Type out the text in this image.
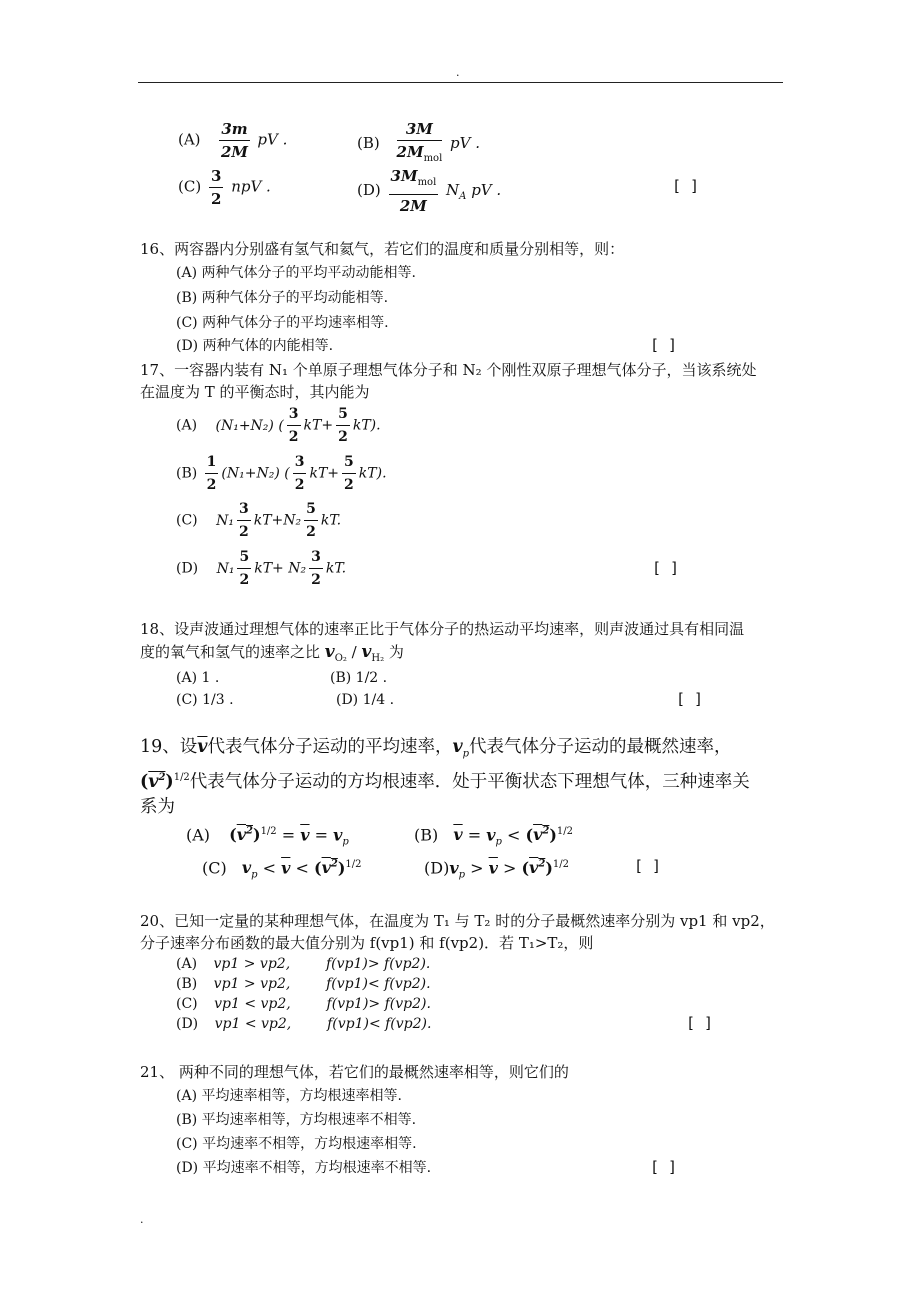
.
$(A) \frac{3m}{2M}$ pV .	$(B) \frac{3M}{2M_{mol}}$ pV .
$(C) \frac{3}{2}$ npV .	$(D) \frac{3M_{mol}}{2M} N_A$ pV .	[ ]
16、两容器内分别盛有氢气和氦气，若它们的温度和质量分别相等，则：
(A) 两种气体分子的平均平动动能相等.
(B) 两种气体分子的平均动能相等.
(C) 两种气体分子的平均速率相等.
(D) 两种气体的内能相等.	[ ]
17、一容器内装有 N₁ 个单原子理想气体分子和 N₂ 个刚性双原子理想气体分子，当该系统处
在温度为 T 的平衡态时，其内能为
(A) (N₁+N₂) ( $\frac{3}{2} kT+ \frac{5}{2} kT$).
$(B) \frac{1}{2} (N_1+N_2)$ ( $\frac{3}{2} kT+ \frac{5}{2} kT$).
(C) $N_1 \frac{3}{2} kT+N_2 \frac{5}{2}$ kT.
(D) $N_1 \frac{5}{2} kT+ N_2 \frac{3}{2}$ kT.	[ ]
18、设声波通过理想气体的速率正比于气体分子的热运动平均速率，则声波通过具有相同温
度的氧气和氢气的速率之比 $v_{O_2} / v_{H_2}$ 为
(A) 1 .	(B) 1/2 .
(C) 1/3 .	(D) 1/4 .	[ ]
19、设$\overline{v}$代表气体分子运动的平均速率，$v_p$代表气体分子运动的最概然速率，
$(v^2)^{1/2}$代表气体分子运动的方均根速率．处于平衡状态下理想气体，三种速率关
系为
(A) $(v^2)^{1/2} = \overline{v} = v_p$	(B) $\overline{v} = v_p < (v^2)^{1/2}$
(C) $v_p < \overline{v} < (v^2)^{1/2}$	$(D)v_p > \overline{v} > (v^2)^{1/2}$	[ ]
20、已知一定量的某种理想气体，在温度为 T₁ 与 T₂ 时的分子最概然速率分别为 vp1 和 vp2，
分子速率分布函数的最大值分别为 f(vp1) 和 f(vp2)．若 T₁>T₂，则
(A) vp1 > vp2,	f(vp1)> f(vp2).
(B) vp1 > vp2,	f(vp1)< f(vp2).
(C) vp1 < vp2,	f(vp1)> f(vp2).
(D) vp1 < vp2,	f(vp1)< f(vp2).	[ ]
21、 两种不同的理想气体，若它们的最概然速率相等，则它们的
(A) 平均速率相等，方均根速率相等.
(B) 平均速率相等，方均根速率不相等.
(C) 平均速率不相等，方均根速率相等.
(D) 平均速率不相等，方均根速率不相等.	[ ]
.
